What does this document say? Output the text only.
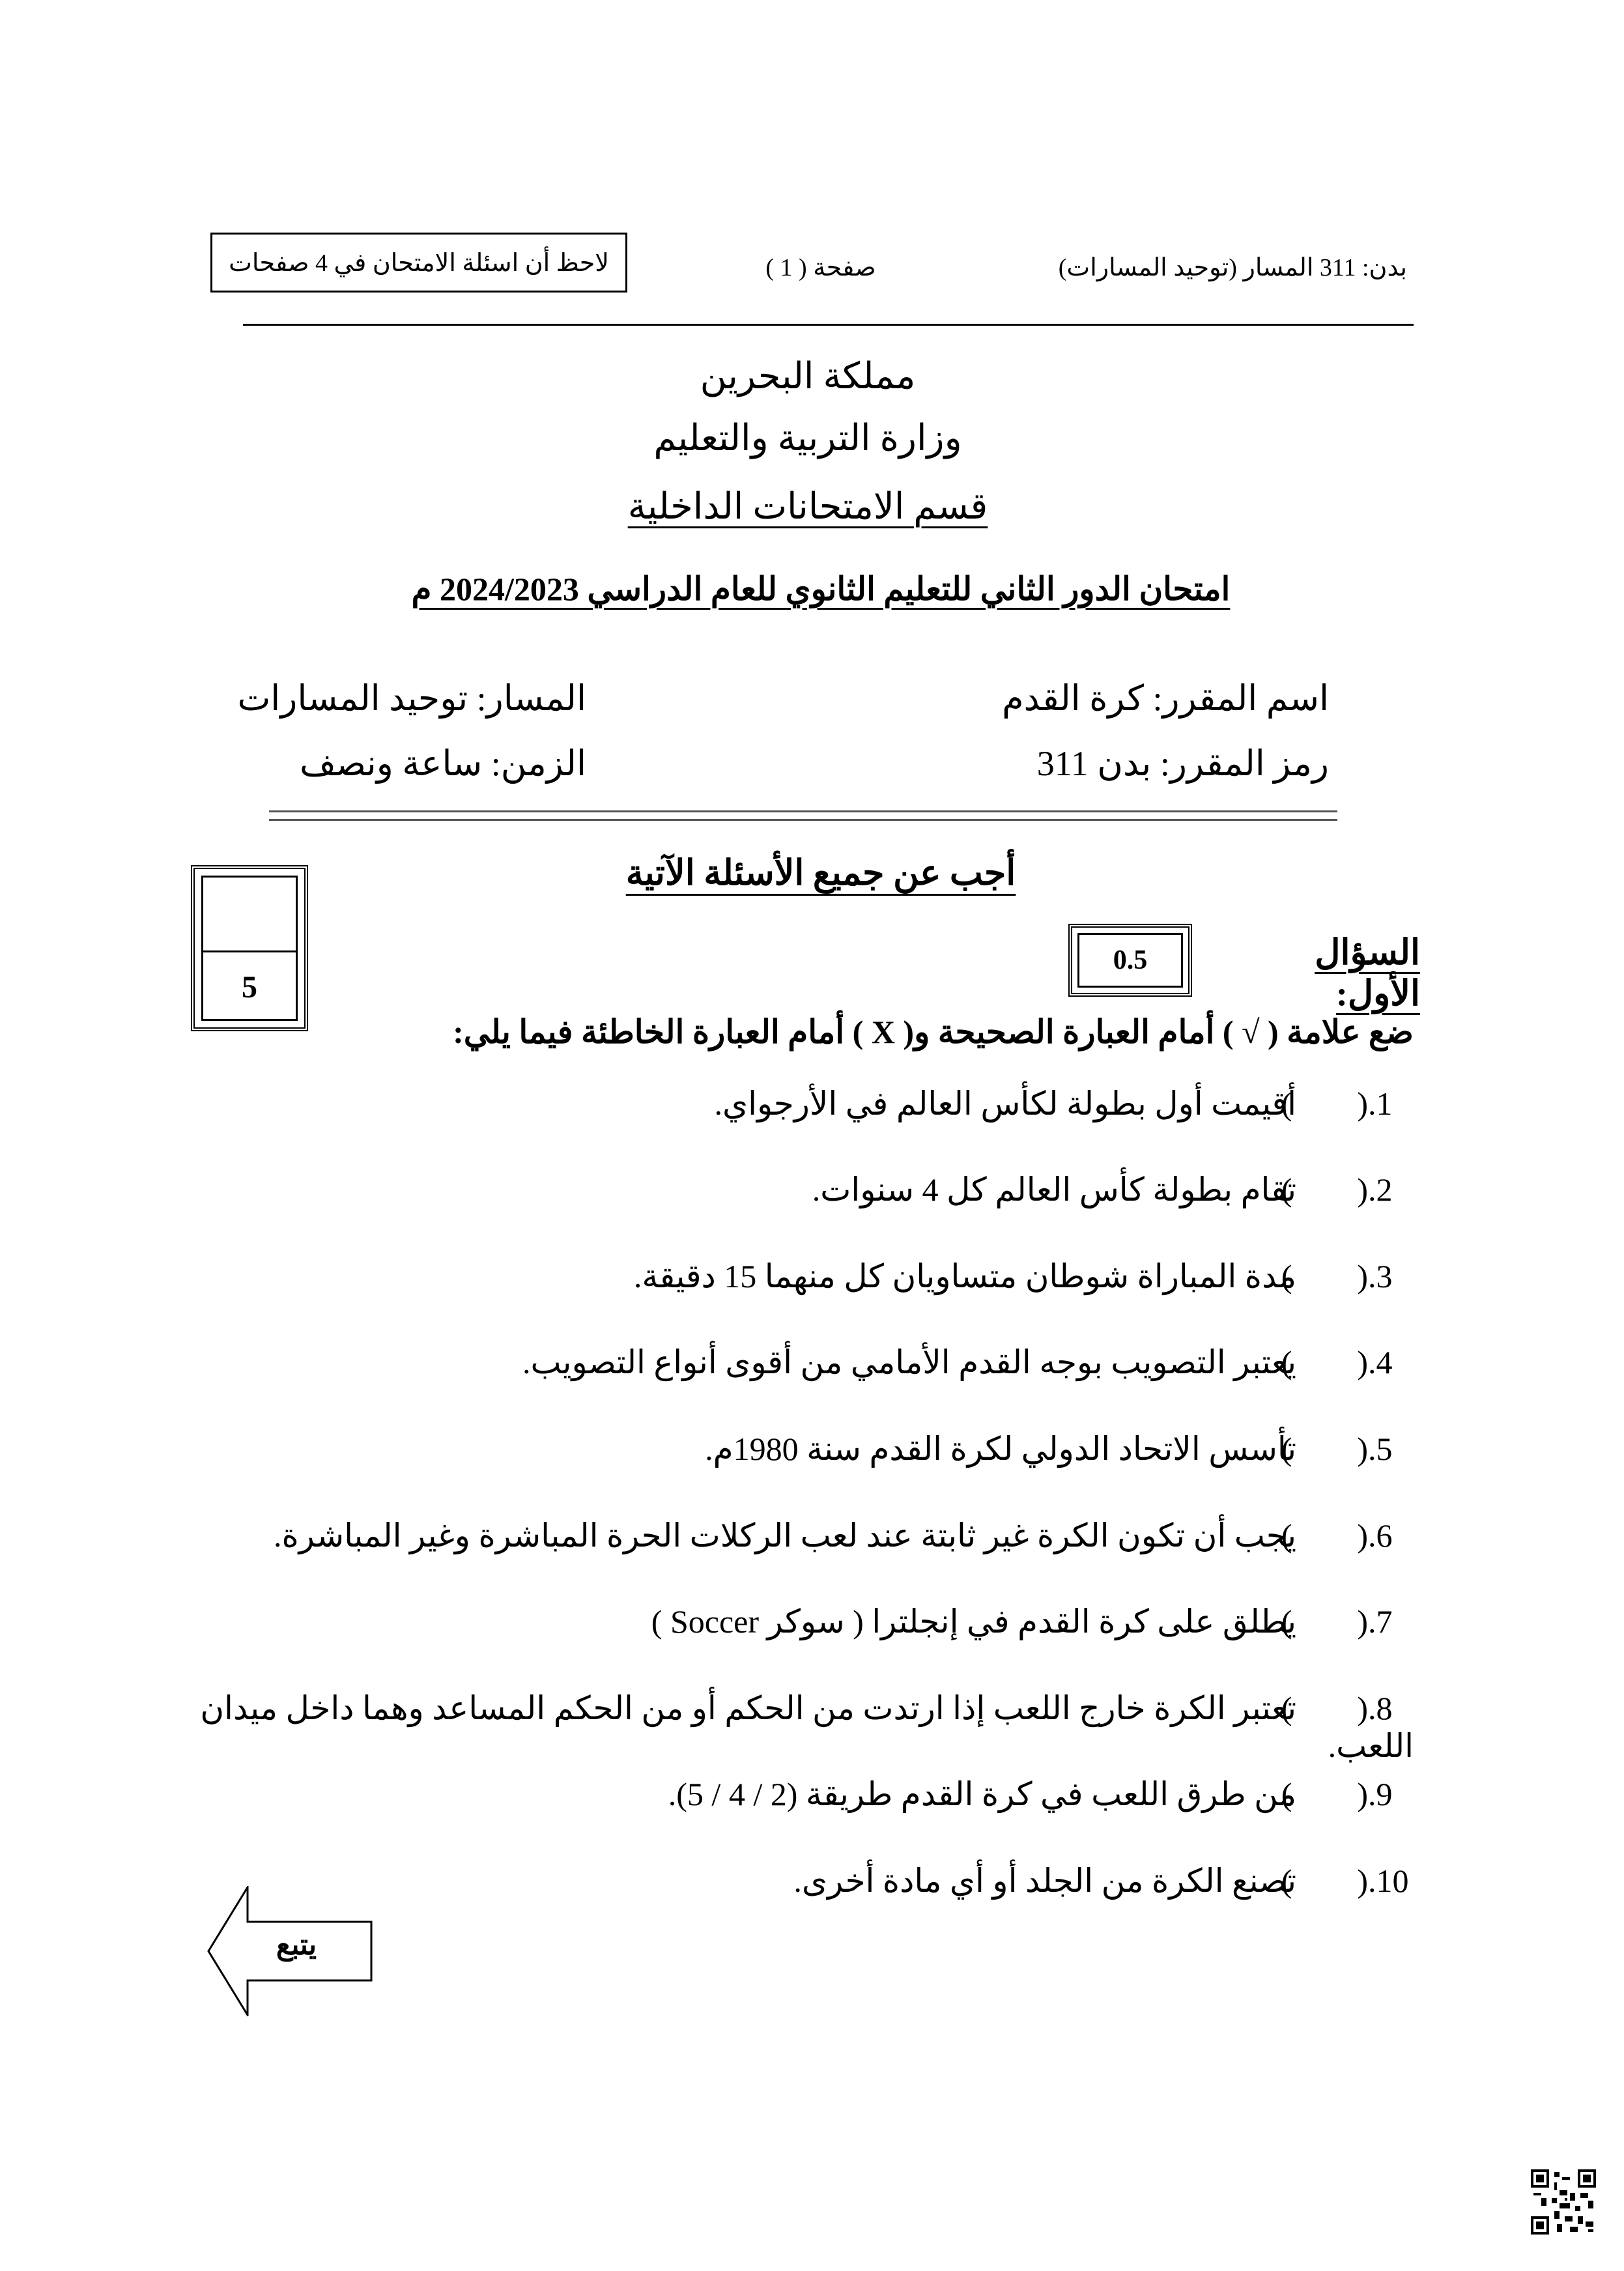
لاحظ أن اسئلة الامتحان في 4 صفحات	صفحة ( 1 )	بدن: 311 المسار (توحيد المسارات)
مملكة البحرين
وزارة التربية والتعليم
قسم الامتحانات الداخلية
امتحان الدور الثاني للتعليم الثانوي للعام الدراسي 2024/2023 م
اسم المقرر: كرة القدم
رمز المقرر: بدن 311
المسار: توحيد المسارات
الزمن: ساعة ونصف
أجب عن جميع الأسئلة الآتية
5
السؤال الأول:
0.5
ضع علامة ( √ ) أمام العبارة الصحيحة و( X ) أمام العبارة الخاطئة فيما يلي:
1.(        )أقيمت أول بطولة لكأس العالم في الأرجواي.
2.(        )تقام بطولة كأس العالم كل 4 سنوات.
3.(        )مدة المباراة شوطان متساويان كل منهما 15 دقيقة.
4.(        )يعتبر التصويب بوجه القدم الأمامي من أقوى أنواع التصويب.
5.(        )تأسس الاتحاد الدولي لكرة القدم سنة 1980م.
6.(        )يجب أن تكون الكرة غير ثابتة عند لعب الركلات الحرة المباشرة وغير المباشرة.
7.(        )يطلق على كرة القدم في إنجلترا ( سوكر Soccer )
8.(        )تعتبر الكرة خارج اللعب إذا ارتدت من الحكم أو من الحكم المساعد وهما داخل ميدان اللعب.
9.(        )من طرق اللعب في كرة القدم طريقة (2 / 4 / 5).
10.(        )تصنع الكرة من الجلد أو أي مادة أخرى.
يتبع
